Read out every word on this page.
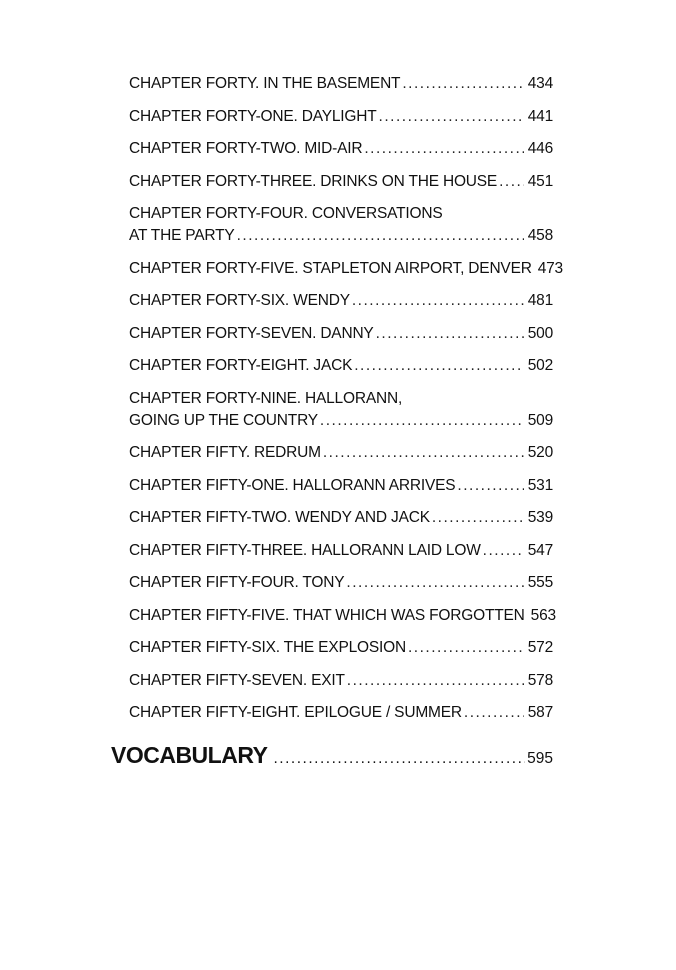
CHAPTER FORTY. IN THE BASEMENT . . .	434
CHAPTER FORTY-ONE. DAYLIGHT . . .	441
CHAPTER FORTY-TWO. MID-AIR . . .	446
CHAPTER FORTY-THREE. DRINKS ON THE HOUSE . . . 451
CHAPTER FORTY-FOUR. CONVERSATIONS
AT THE PARTY . . .	458
CHAPTER FORTY-FIVE. STAPLETON AIRPORT, DENVER 473
CHAPTER FORTY-SIX. WENDY . . .	481
CHAPTER FORTY-SEVEN. DANNY . . .	500
CHAPTER FORTY-EIGHT. JACK . . .	502
CHAPTER FORTY-NINE. HALLORANN,
GOING UP THE COUNTRY . . .	509
CHAPTER FIFTY. REDRUM . . .	520
CHAPTER FIFTY-ONE. HALLORANN ARRIVES . . .	531
CHAPTER FIFTY-TWO. WENDY AND JACK . . .	539
CHAPTER FIFTY-THREE. HALLORANN LAID LOW . . .	547
CHAPTER FIFTY-FOUR. TONY . . .	555
CHAPTER FIFTY-FIVE. THAT WHICH WAS FORGOTTEN 563
CHAPTER FIFTY-SIX. THE EXPLOSION . . .	572
CHAPTER FIFTY-SEVEN. EXIT . . .	578
CHAPTER FIFTY-EIGHT. EPILOGUE / SUMMER . . .	587
VOCABULARY . . .	595
